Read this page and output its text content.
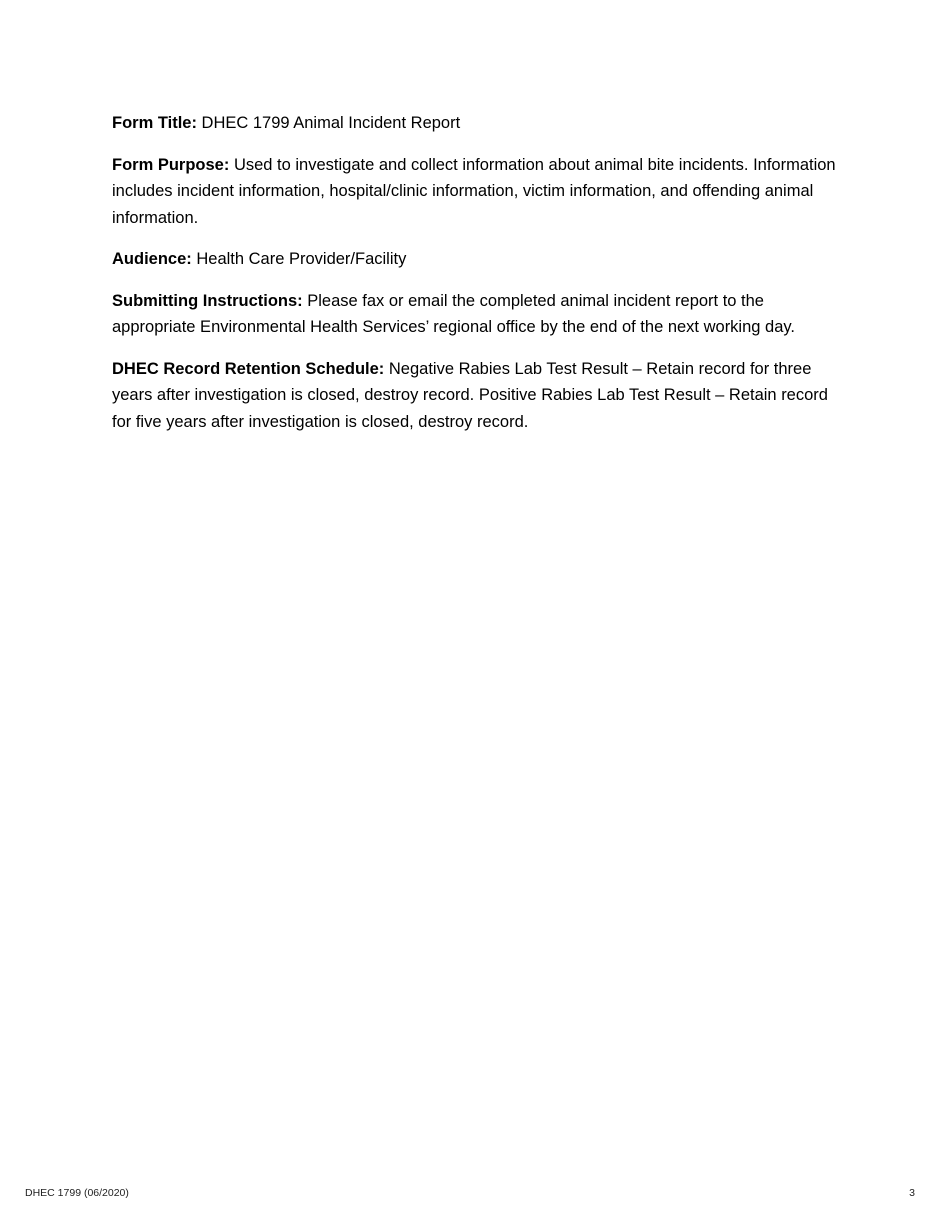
Form Title: DHEC 1799 Animal Incident Report

Form Purpose: Used to investigate and collect information about animal bite incidents. Information includes incident information, hospital/clinic information, victim information, and offending animal information.

Audience: Health Care Provider/Facility

Submitting Instructions: Please fax or email the completed animal incident report to the appropriate Environmental Health Services’ regional office by the end of the next working day.

DHEC Record Retention Schedule: Negative Rabies Lab Test Result – Retain record for three years after investigation is closed, destroy record. Positive Rabies Lab Test Result – Retain record for five years after investigation is closed, destroy record.

DHEC 1799 (06/2020)	3
